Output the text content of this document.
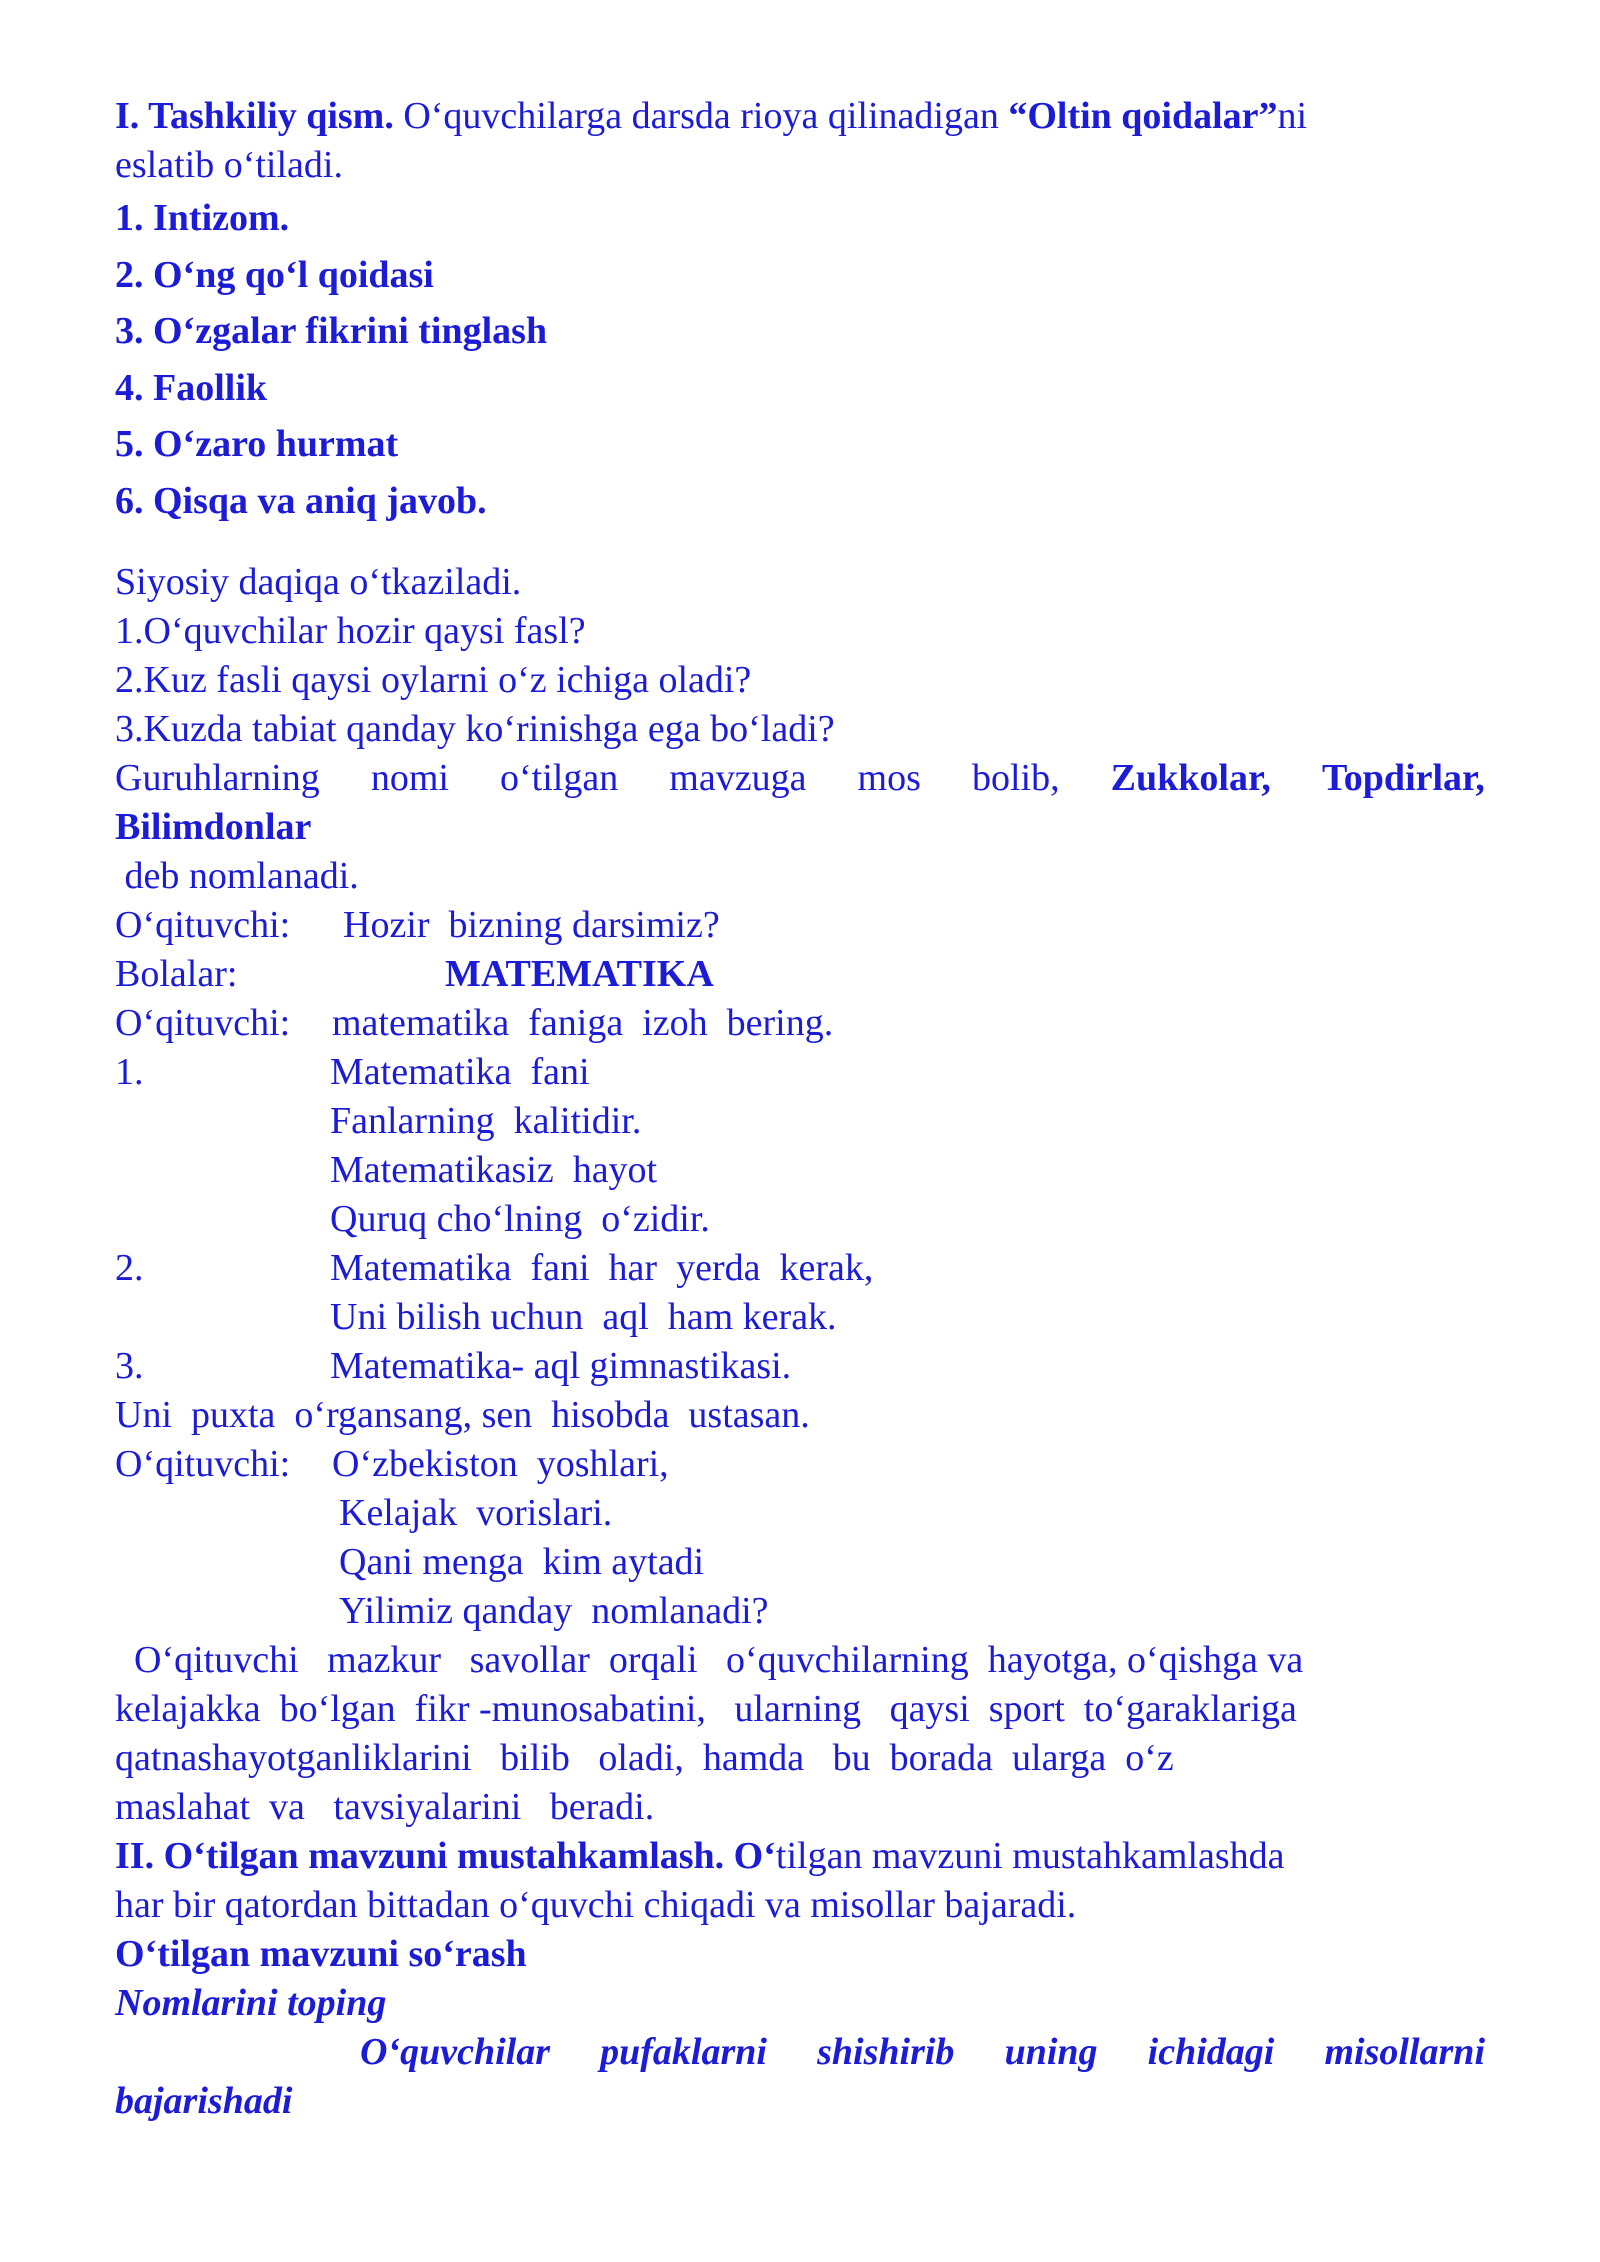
I. Tashkiliy qism. Oʻquvchilarga darsda rioya qilinadigan “Oltin qoidalar”ni
eslatib oʻtiladi.
1. Intizom.
2. Oʻng qoʻl qoidasi
3. Oʻzgalar fikrini tinglash
4. Faollik
5. Oʻzaro hurmat
6. Qisqa va aniq javob.
Siyosiy daqiqa oʻtkaziladi.
1.Oʻquvchilar hozir qaysi fasl?
2.Kuz fasli qaysi oylarni oʻz ichiga oladi?
3.Kuzda tabiat qanday koʻrinishga ega boʻladi?
Guruhlarning nomi oʻtilgan mavzuga mos bolib, Zukkolar, Topdirlar,
Bilimdonlar
deb nomlanadi.
Oʻqituvchi:	Hozir  bizning darsimiz?
Bolalar:	MATEMATIKA
Oʻqituvchi:	matematika  faniga  izoh  bering.
1.	Matematika  fani
Fanlarning  kalitidir.
Matematikasiz  hayot
Quruq choʻlning  oʻzidir.
2.	Matematika  fani  har  yerda  kerak,
Uni bilish uchun  aql  ham kerak.
3.	Matematika- aql gimnastikasi.
Uni  puxta  oʻrgansang, sen  hisobda  ustasan.
Oʻqituvchi:	Oʻzbekiston  yoshlari,
Kelajak  vorislari.
Qani menga  kim aytadi
Yilimiz qanday  nomlanadi?
Oʻqituvchi   mazkur   savollar  orqali   oʻquvchilarning  hayotga, oʻqishga va
kelajakka  boʻlgan  fikr -munosabatini,   ularning   qaysi  sport  toʻgaraklariga
qatnashayotganliklarini   bilib   oladi,  hamda   bu  borada  ularga  oʻz
maslahat  va   tavsiyalarini   beradi.
II. Oʻtilgan mavzuni mustahkamlash. Oʻtilgan mavzuni mustahkamlashda
har bir qatordan bittadan oʻquvchi chiqadi va misollar bajaradi.
Oʻtilgan mavzuni soʻrash
Nomlarini toping
Oʻquvchilar pufaklarni shishirib uning ichidagi misollarni
bajarishadi
